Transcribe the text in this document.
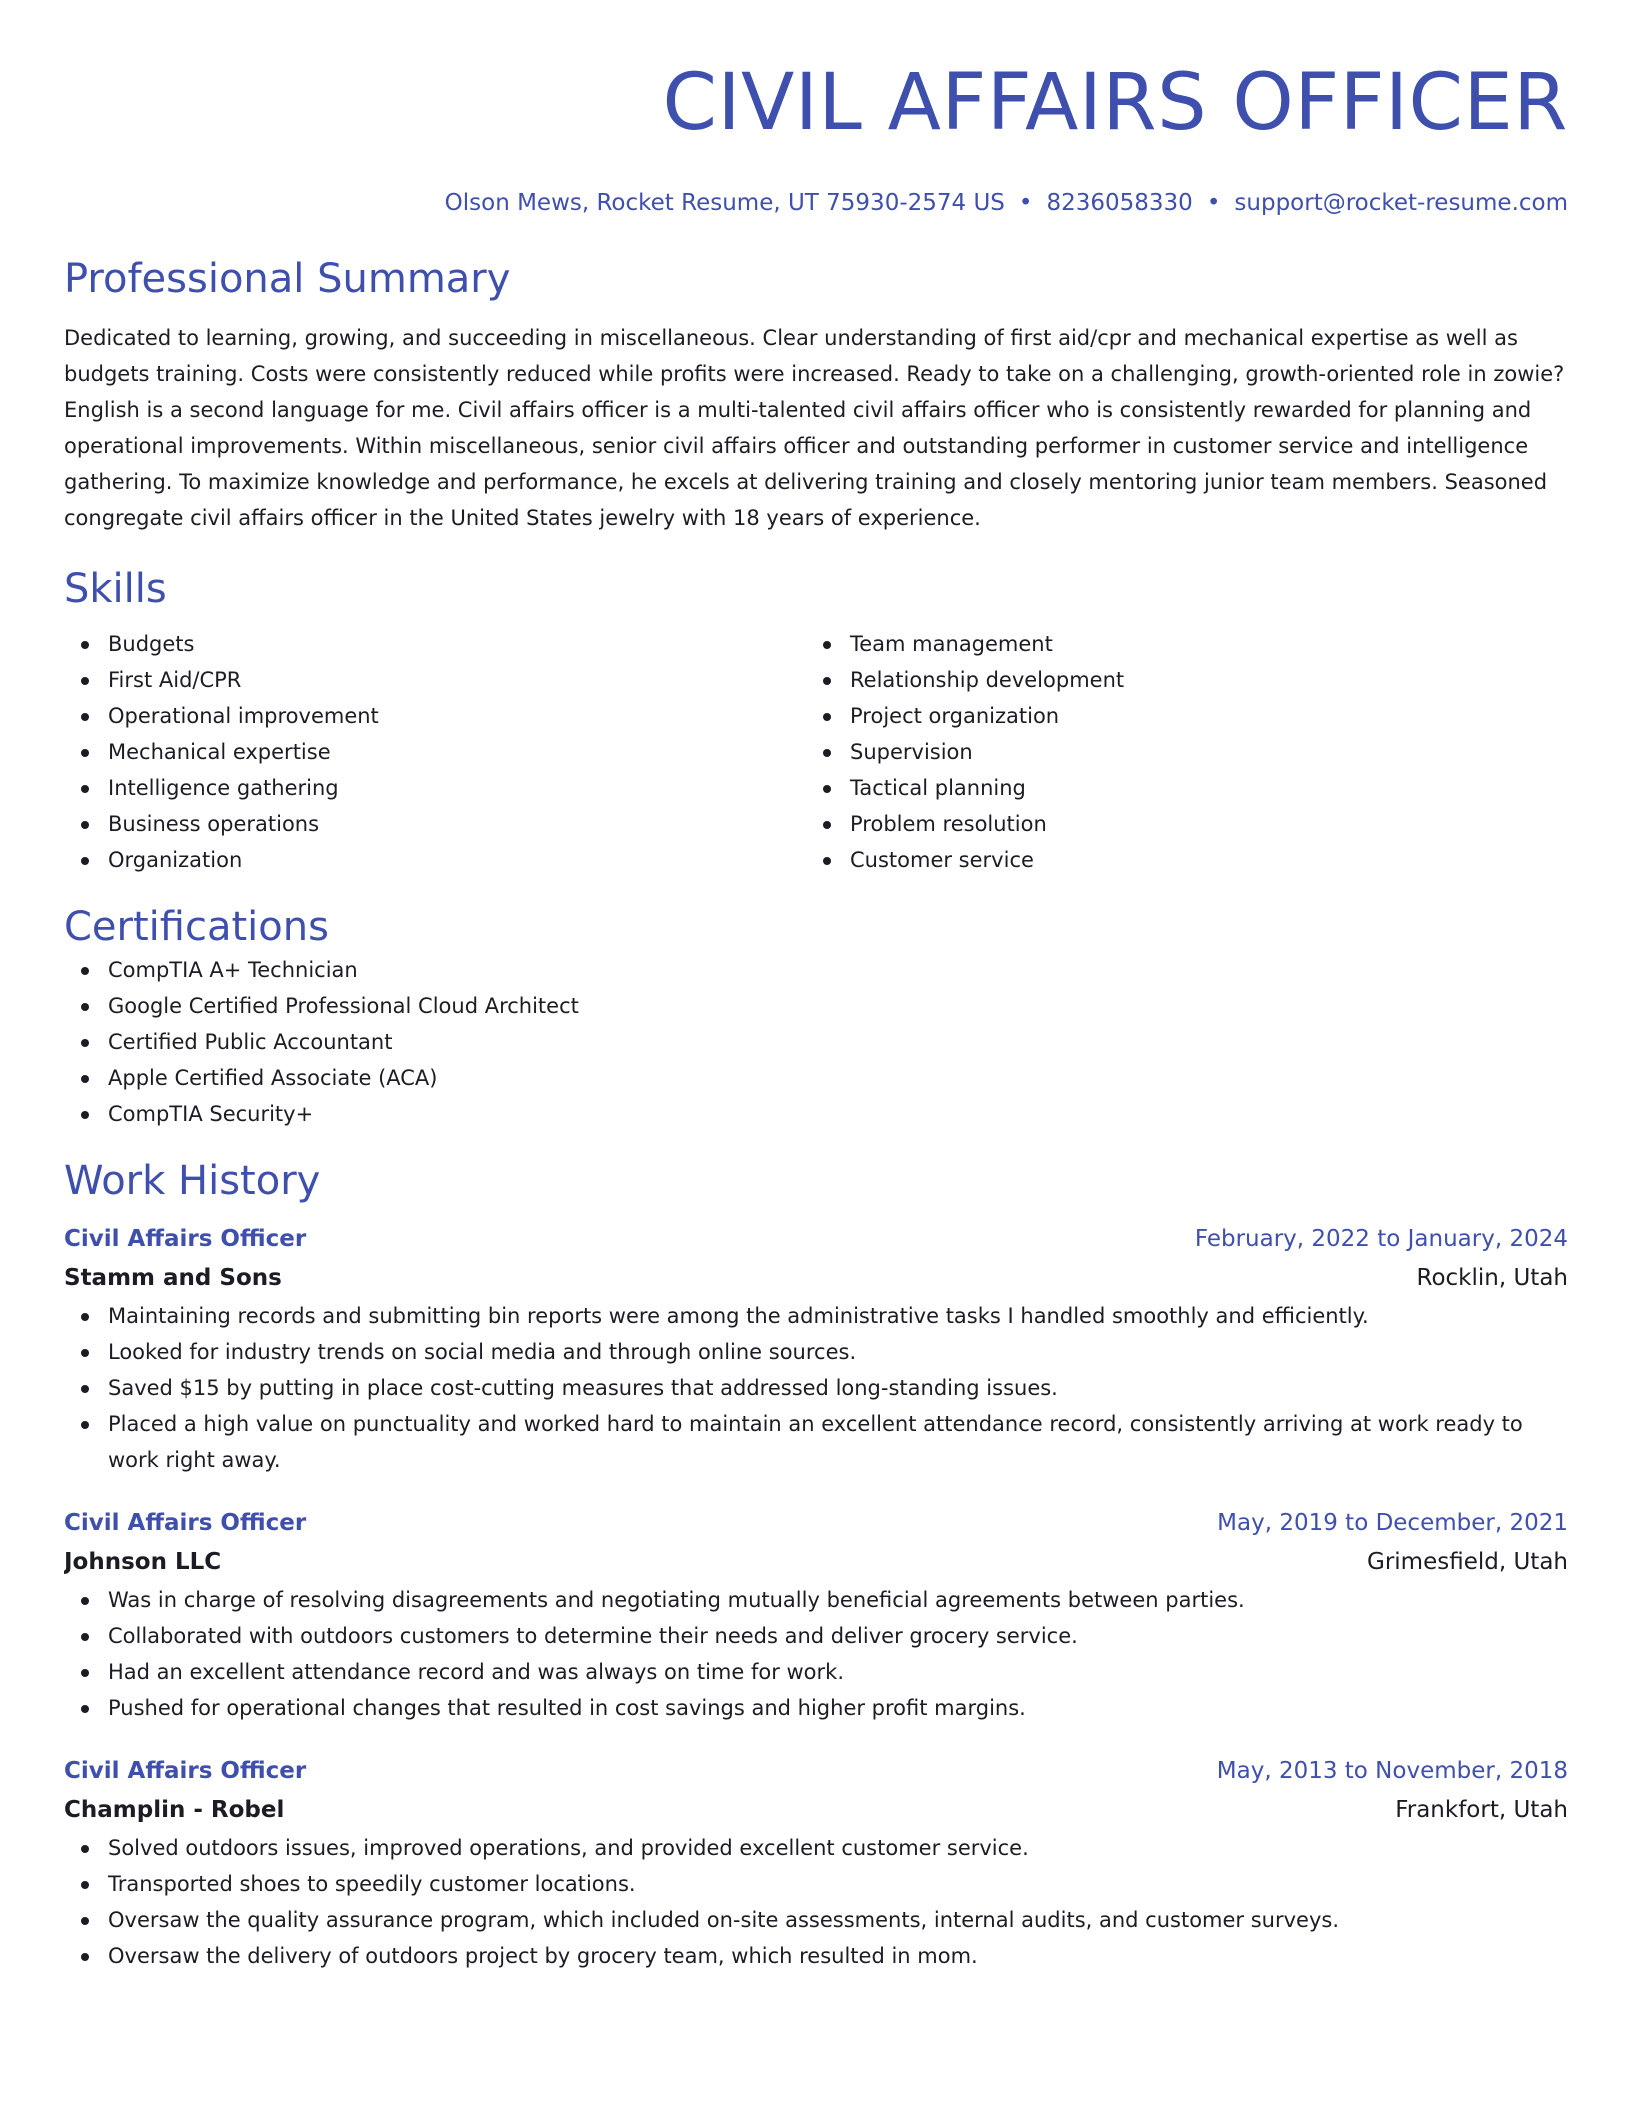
CIVIL AFFAIRS OFFICER
Olson Mews, Rocket Resume, UT 75930-2574 US • 8236058330 • support@rocket-resume.com
Professional Summary
Dedicated to learning, growing, and succeeding in miscellaneous. Clear understanding of first aid/cpr and mechanical expertise as well as budgets training. Costs were consistently reduced while profits were increased. Ready to take on a challenging, growth-oriented role in zowie? English is a second language for me. Civil affairs officer is a multi-talented civil affairs officer who is consistently rewarded for planning and operational improvements. Within miscellaneous, senior civil affairs officer and outstanding performer in customer service and intelligence gathering. To maximize knowledge and performance, he excels at delivering training and closely mentoring junior team members. Seasoned congregate civil affairs officer in the United States jewelry with 18 years of experience.
Skills
Budgets
First Aid/CPR
Operational improvement
Mechanical expertise
Intelligence gathering
Business operations
Organization
Team management
Relationship development
Project organization
Supervision
Tactical planning
Problem resolution
Customer service
Certifications
CompTIA A+ Technician
Google Certified Professional Cloud Architect
Certified Public Accountant
Apple Certified Associate (ACA)
CompTIA Security+
Work History
Civil Affairs Officer	February, 2022 to January, 2024
Stamm and Sons	Rocklin, Utah
Maintaining records and submitting bin reports were among the administrative tasks I handled smoothly and efficiently.
Looked for industry trends on social media and through online sources.
Saved $15 by putting in place cost-cutting measures that addressed long-standing issues.
Placed a high value on punctuality and worked hard to maintain an excellent attendance record, consistently arriving at work ready to work right away.
Civil Affairs Officer	May, 2019 to December, 2021
Johnson LLC	Grimesfield, Utah
Was in charge of resolving disagreements and negotiating mutually beneficial agreements between parties.
Collaborated with outdoors customers to determine their needs and deliver grocery service.
Had an excellent attendance record and was always on time for work.
Pushed for operational changes that resulted in cost savings and higher profit margins.
Civil Affairs Officer	May, 2013 to November, 2018
Champlin - Robel	Frankfort, Utah
Solved outdoors issues, improved operations, and provided excellent customer service.
Transported shoes to speedily customer locations.
Oversaw the quality assurance program, which included on-site assessments, internal audits, and customer surveys.
Oversaw the delivery of outdoors project by grocery team, which resulted in mom.
